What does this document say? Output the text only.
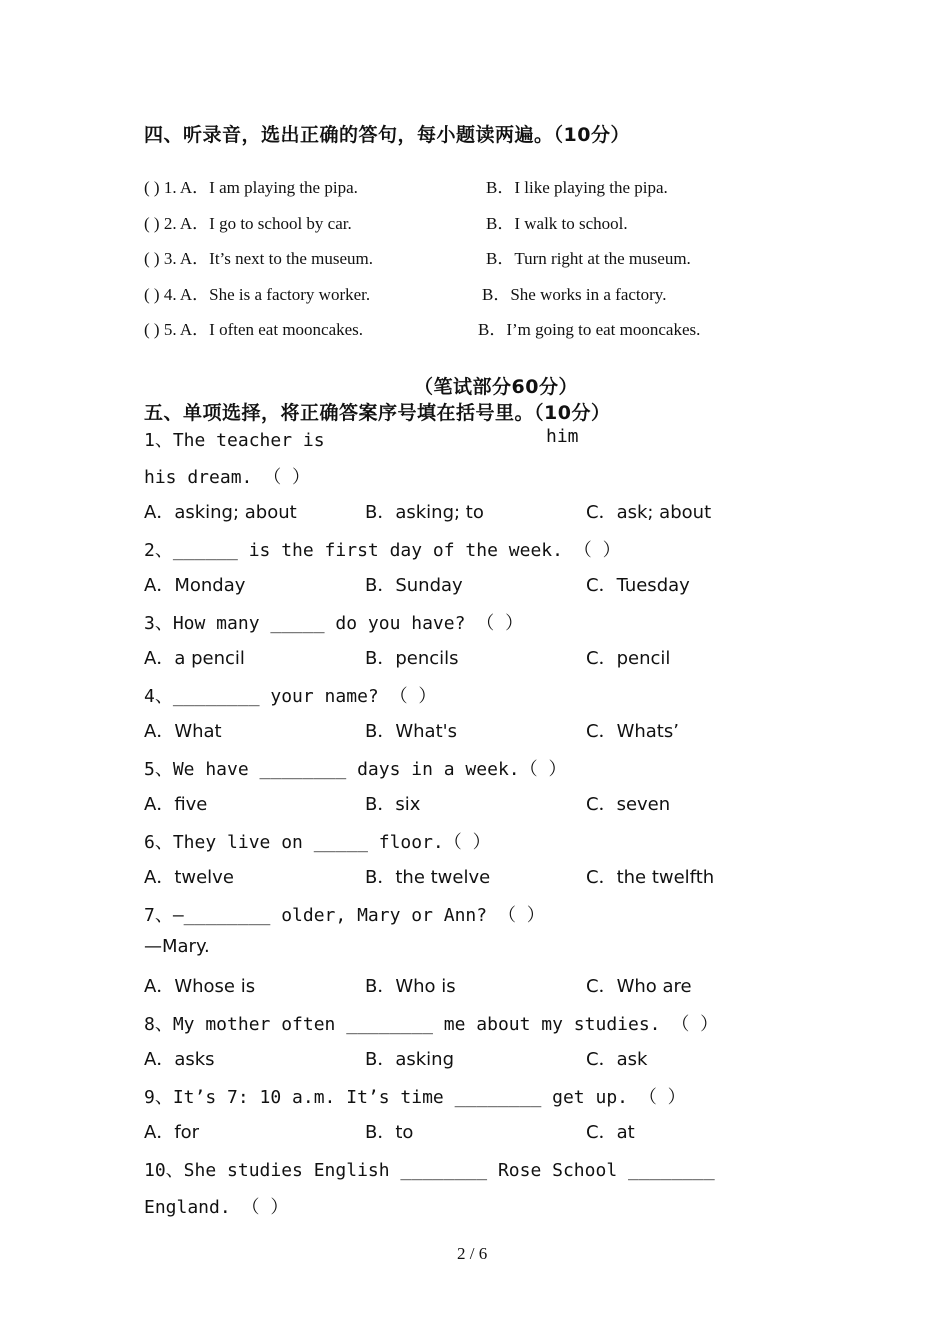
四、听录音，选出正确的答句，每小题读两遍。（10分）
( ) 1. A．I am playing the pipa.	B．I like playing the pipa.
( ) 2. A．I go to school by car.	B．I walk to school.
( ) 3. A．It’s next to the museum.	B．Turn right at the museum.
( ) 4. A．She is a factory worker.	B．She works in a factory.
( ) 5. A．I often eat mooncakes.	B．I’m going to eat mooncakes.
（笔试部分60分）
五、单项选择，将正确答案序号填在括号里。（10分）
1、The teacher is	him
his dream. （ ）
A．asking; about	B．asking; to	C．ask; about
2、______ is the first day of the week. （ ）
A．Monday	B．Sunday	C．Tuesday
3、How many _____ do you have? （ ）
A．a pencil	B．pencils	C．pencil
4、________ your name? （ ）
A．What	B．What's	C．Whats’
5、We have ________ days in a week.（ ）
A．five	B．six	C．seven
6、They live on _____ floor.（ ）
A．twelve	B．the twelve	C．the twelfth
7、—________ older, Mary or Ann? （ ）
—Mary.
A．Whose is	B．Who is	C．Who are
8、My mother often ________ me about my studies. （ ）
A．asks	B．asking	C．ask
9、It’s 7: 10 a.m. It’s time ________ get up. （ ）
A．for	B．to	C．at
10、She studies English ________ Rose School ________
England. （ ）
2 / 6
